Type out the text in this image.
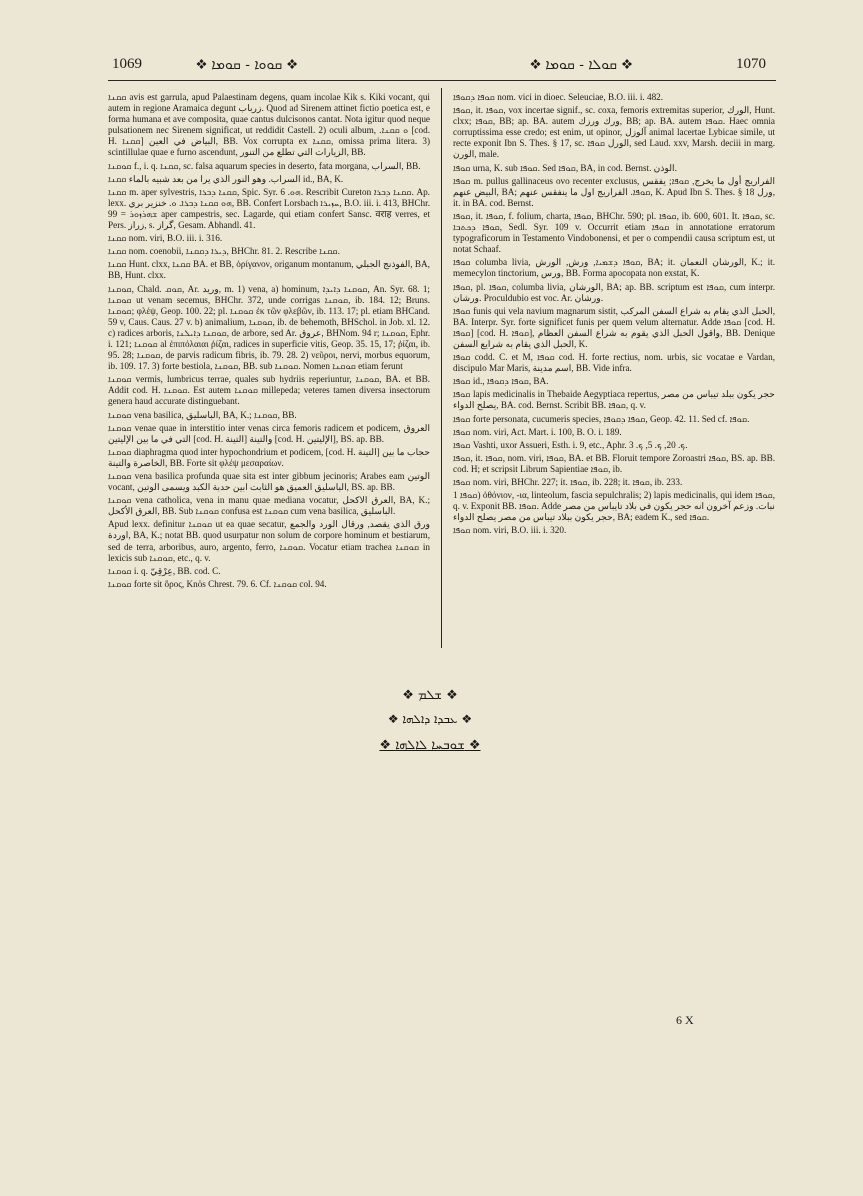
1069	❖ ܩܘܘܐ - ܩܘܡܐ ❖	❖ ܩܘܠܐ - ܩܘܡܐ ❖	1070

ܩܩܢܐ avis est garrula, apud Palaestinam degens, quam incolae Kik s. Kiki vocant, qui autem in regione Aramaica degunt زرباب. Quod ad Sirenem attinet fictio poetica est, e forma humana et ave composita, quae cantus dulcisonos cantat. Nota igitur quod neque pulsationem nec Sirenem significat, ut reddidit Castell. 2) oculi album, .ܘ ܩܩܢܐ [cod. H. ܩܩܢܐ] البياض في العين, BB. Vox corrupta ex ܩܩܢܐ, omissa prima litera. 3) scintillulae quae e furno ascendunt, الزيارات التي تطلع من التنور, BB.

ܩܘܩܢܐ f., i. q. ܩܩܢܐ, sc. falsa aquarum species in deserto, fata morgana, السراب, BB.

السراب. وهو النور الذي يرا من بعد شبيه بالماء ܩܩܢܐ id., BA, K.

ܩܩܢܐ m. aper sylvestris, ܩܩܢܐ ܕܒܪܐ, Spic. Syr. ܗܘ. 6. Rescribit Cureton ܩܩܢܐ ܕܒܪܐ. Ap. lexx. ܗܘ ܩܩܢܐ ܕܒܪܐ. ܘ. خنزير بري, BB. Confert Lorsbach ܚܙܝܪܐ, B.O. iii. i. 413, BHChr. 99 = ܫܗܪܙܘܪ aper campestris, sec. Lagarde, qui etiam confert Sansc. वराह verres, et Pers. زراز, s. گراز, Gesam. Abhandl. 41.

ܩܩܢܐ nom. viri, B.O. iii. i. 316.

ܩܩܢܐ nom. coenobii, ܕܝܪܐ ܕܩܩܢܐ, BHChr. 81. 2. Rescribe ܩܩܢܐ.

ܩܩܢܐ Hunt. clxx, ܩܩܢܐ BA. et BB, ὀρίγανον, origanum montanum, الفوذنج الجبلي, BA, BB, Hunt. clxx.

ܩܘܩܢܐ, Chald. ܩܘܩ, Ar. ورید, m. 1) vena, a) hominum, ܩܘܩܢܐ ܕܐܝܕܐ, An. Syr. 68. 1; ܩܘܩܢܐ ut venam secemus, BHChr. 372, unde corrigas ܩܘܩܢܐ, ib. 184. 12; Bruns. ܩܘܩܢܐ; φλέψ, Geop. 100. 22; pl. ܩܘܩܢܐ ἐκ τῶν φλεβῶν, ib. 113. 17; pl. etiam BHCand. 59 v, Caus. Caus. 27 v. b) animalium, ܩܘܩܢܐ, ib. de behemoth, BHSchol. in Job. xl. 12. c) radices arboris, ܩܘܩܢܐ ܕܐܝܠܢܐ, de arbore, sed Ar. عروق, BHNom. 94 r; ܩܘܩܢܐ, Ephr. i. 121; ܩܘܩܢܐ al ἐπιπόλαιαι ῥίζαι, radices in superficie vitis, Geop. 35. 15, 17; ῥίζαι, ib. 95. 28; ܩܘܩܢܐ, de parvis radicum fibris, ib. 79. 28. 2) νεῦροι, nervi, morbus equorum, ib. 109. 17. 3) forte bestiola, ܩܘܩܢܐ, BB. sub ܩܘܩܢܐ. Nomen ܩܘܩܢܐ etiam ferunt

ܩܘܩܢܐ vermis, lumbricus terrae, quales sub hydriis reperiuntur, ܩܘܩܢܐ, BA. et BB. Addit cod. H. ܩܘܩܢܐ. Est autem ܩܘܩܢܐ millepeda; veteres tamen diversa insectorum genera haud accurate distinguebant.

ܩܘܩܢܐ vena basilica, الباسليق, BA, K.; ܩܘܩܢܐ, BB.

ܩܘܩܢܐ venae quae in interstitio inter venas circa femoris radicem et podicem, العروق التي في ما بين الإليتين [cod. H. التينة] والتينة [cod. H. الإليتين], BS. ap. BB.

ܩܘܩܢܐ diaphragma quod inter hypochondrium et podicem, [cod. H. التينة] حجاب ما بين الخاصرة والتينة, BB. Forte sit φλέψ μεσαραίων.

ܩܘܩܢܐ vena basilica profunda quae sita est inter gibbum jecinoris; Arabes eam الوتين vocant, الباسليق العميق هو الثابت ابين حدبة الكبد ويسمى الوتين, BS. ap. BB.

ܩܘܩܢܐ vena catholica, vena in manu quae mediana vocatur, العرق الاكحل, BA, K.; العرق الأكحل, BB. Sub ܩܘܩܢܐ confusa est ܩܘܩܢܐ cum vena basilica, الباسليق.

Apud lexx. definitur ܩܘܩܢܐ ut ea quae secatur, ورق الذي يقصد, ورقال الورد والجمع اوردة, BA, K.; notat BB. quod usurpatur non solum de corpore hominum et bestiarum, sed de terra, arboribus, auro, argento, ferro, ܩܘܩܢܐ. Vocatur etiam trachea ܩܘܩܢܐ in lexicis sub ܩܘܩܢܐ, etc., q. v.

ܩܘܩܢܐ i. q. عِرْقِيّ, BB. cod. C.

ܩܘܩܢܐ forte sit ὅρος, Knös Chrest. 79. 6. Cf. ܩܘܩܢܐ col. 94.

ܩܘܦܐ ܕܩܘܦܐ nom. vici in dioec. Seleuciae, B.O. iii. i. 482.

ܩܘܦܐ, it. ܩܘܦܐ, vox incertae signif., sc. coxa, femoris extremitas superior, الورك, Hunt. clxx; ܩܘܦܐ, BB; ap. BA. autem ورك ورزك, BB; ap. BA. autem ܩܘܦܐ. Haec omnia corruptissima esse credo; est enim, ut opinor, آلوزل animal lacertae Lybicae simile, ut recte exponit Ibn S. Thes. § 17, sc. الورل ܩܘܦܐ, sed Laud. xxv, Marsh. deciii in marg. الورن, male.

ܩܘܦܐ urna, K. sub ܩܘܦܐ. Sed ܩܘܦܐ, BA, in cod. Bernst. الوذن.

ܩܘܦܐ m. pullus gallinaceus ovo recenter exclusus, الفراريج أول ما يخرج, ܩܘܦܐ; يفقس البيض عنهم, BA; ܩܘܦܐ. الفراريج اول ما ينفقس عنهم, K. Apud Ibn S. Thes. § 18 ورل, it. in BA. cod. Bernst.

ܩܘܦܐ, it. ܩܘܦܐ, f. folium, charta, ܩܘܦܐ, BHChr. 590; pl. ܩܘܦܐ, ib. 600, 601. It. ܩܘܦܐ, sc. ܩܘܦܐ ܕܟܬܒܐ, Sedl. Syr. 109 v. Occurrit etiam ܩܘܦܐ in annotatione erratorum typograficorum in Testamento Vindobonensi, et per o compendii causa scriptum est, ut notat Schaaf.

ܩܘܦܐ columba livia, ܩܘܦܐ ܕܫܡܝܐ, ورش, الورش, BA; it. الورشان النعمان, K.; it. memecylon tinctorium, ورس, BB. Forma apocopata non exstat, K.

ܩܘܦܐ, pl. ܩܘܦܐ, columba livia, الورشان, BA; ap. BB. scriptum est ܩܘܦܐ, cum interpr. ورشان. Proculdubio est voc. Ar. ورشان.

ܩܘܦܐ funis qui vela navium magnarum sistit, الحبل الذي يقام به شراع السفن المركب, BA. Interpr. Syr. forte significet funis per quem velum alternatur. Adde ܩܘܦܐ [cod. H. ܩܘܦܐ] [cod. H. ܩܘܦܐ], واقول الحبل الذي يقوم به شراع السفن العظام, BB. Denique الحبل الذي يقام به شرايع السفن, K.

ܩܘܦܐ codd. C. et M, ܩܘܦܐ cod. H. forte rectius, nom. urbis, sic vocatae e Vardan, discipulo Mar Maris, اسم مدينة, BB. Vide infra.

ܩܘܦܐ id., ܩܘܦܐ ܕܩܘܦܐ, BA.

ܩܘܦܐ lapis medicinalis in Thebaide Aegyptiaca repertus, حجر يكون ببلد تيباس من مصر يصلح الدواء, BA. cod. Bernst. Scribit BB. ܩܘܦܐ, q. v.

ܩܘܦܐ forte personata, cucumeris species, ܩܘܦܐ ܕܩܘܦܐ, Geop. 42. 11. Sed cf. ܩܘܦܐ.

ܩܘܦܐ nom. viri, Act. Mart. i. 100, B. O. i. 189.

ܩܘܦܐ Vashti, uxor Assueri, Esth. i. 9, etc., Aphr. ܟ. 20, ܟ. 5, ܟ. 3.

ܩܘܦܐ, it. ܩܘܦܐ, nom. viri, ܩܘܦܐ, BA. et BB. Floruit tempore Zoroastri ܩܘܦܐ, BS. ap. BB. cod. H; et scripsit Librum Sapientiae ܩܘܦܐ, ib.

ܩܘܦܐ nom. viri, BHChr. 227; it. ܩܘܦܐ, ib. 228; it. ܩܘܦܐ, ib. 233.

ܩܘܦܐ 1) ὀθόνιον, -ια, linteolum, fascia sepulchralis; 2) lapis medicinalis, qui idem ܩܘܦܐ, q. v. Exponit BB. ܩܘܦܐ. Adde نبات. وزعم آخرون انه حجر يكون في بلاد تايباس من مصر حجر يكون ببلاد تيباس من مصر يصلح الدواء, BA; eadem K., sed ܩܘܦܐ.

ܩܘܦܐ nom. viri, B.O. iii. i. 320.

❖ ܫܠܡ ❖
❖ ܥܒܕܐ ܕܐܠܗܐ ❖
❖ ܫܘܒܚܐ ܠܐܠܗܐ ❖
6 X
